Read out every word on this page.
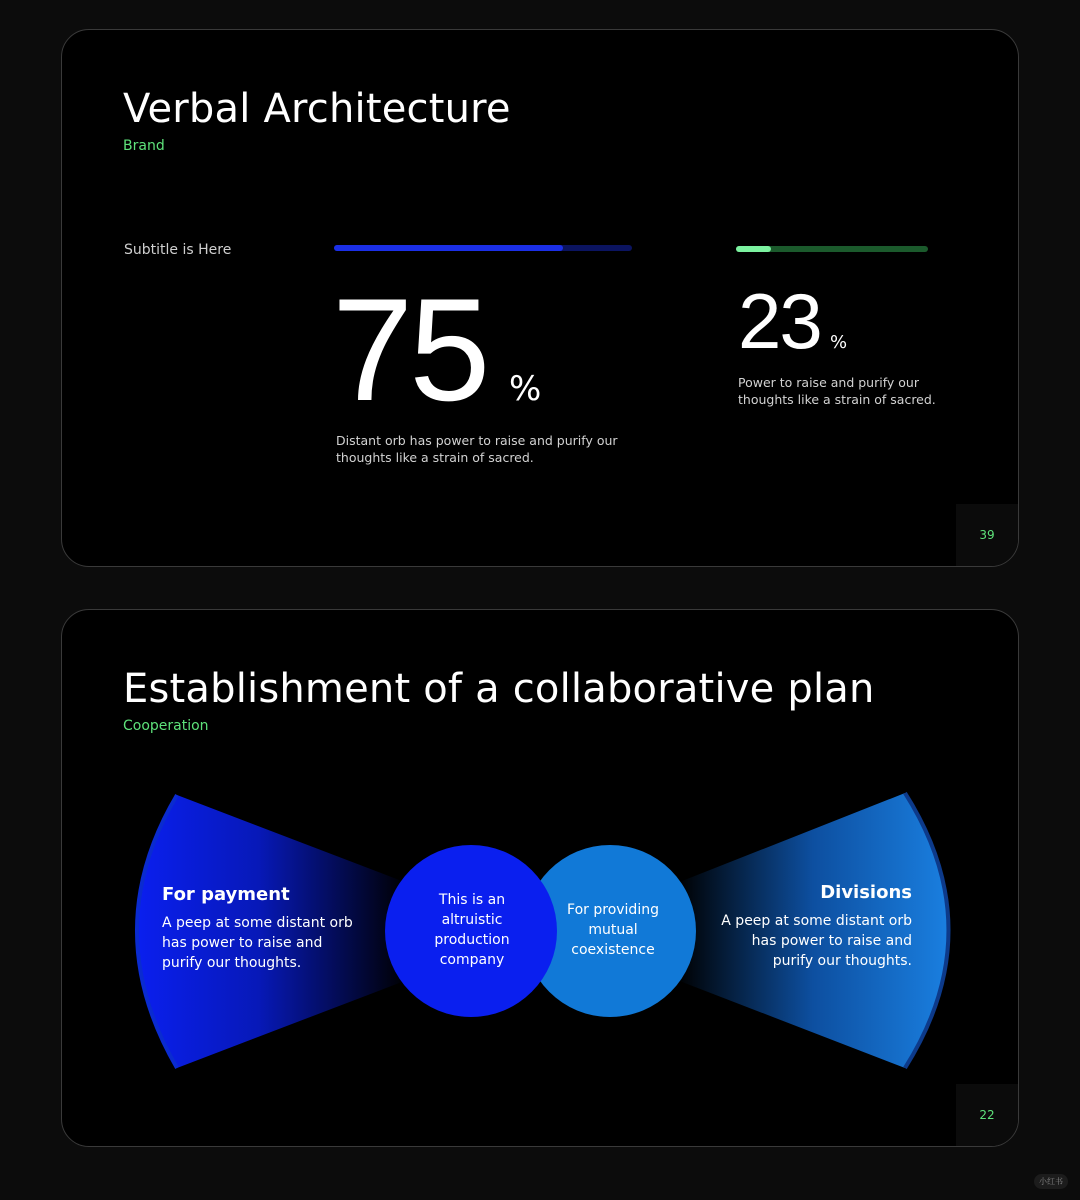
Verbal Architecture
Brand
Subtitle is Here
75 %
Distant orb has power to raise and purify our thoughts like a strain of sacred.
23 %
Power to raise and purify our thoughts like a strain of sacred.
39
Establishment of a collaborative plan
Cooperation
For payment
A peep at some distant orb has power to raise and purify our thoughts.
Divisions
A peep at some distant orb has power to raise and purify our thoughts.
This is an altruistic production company
For providing mutual coexistence
22
小红书
